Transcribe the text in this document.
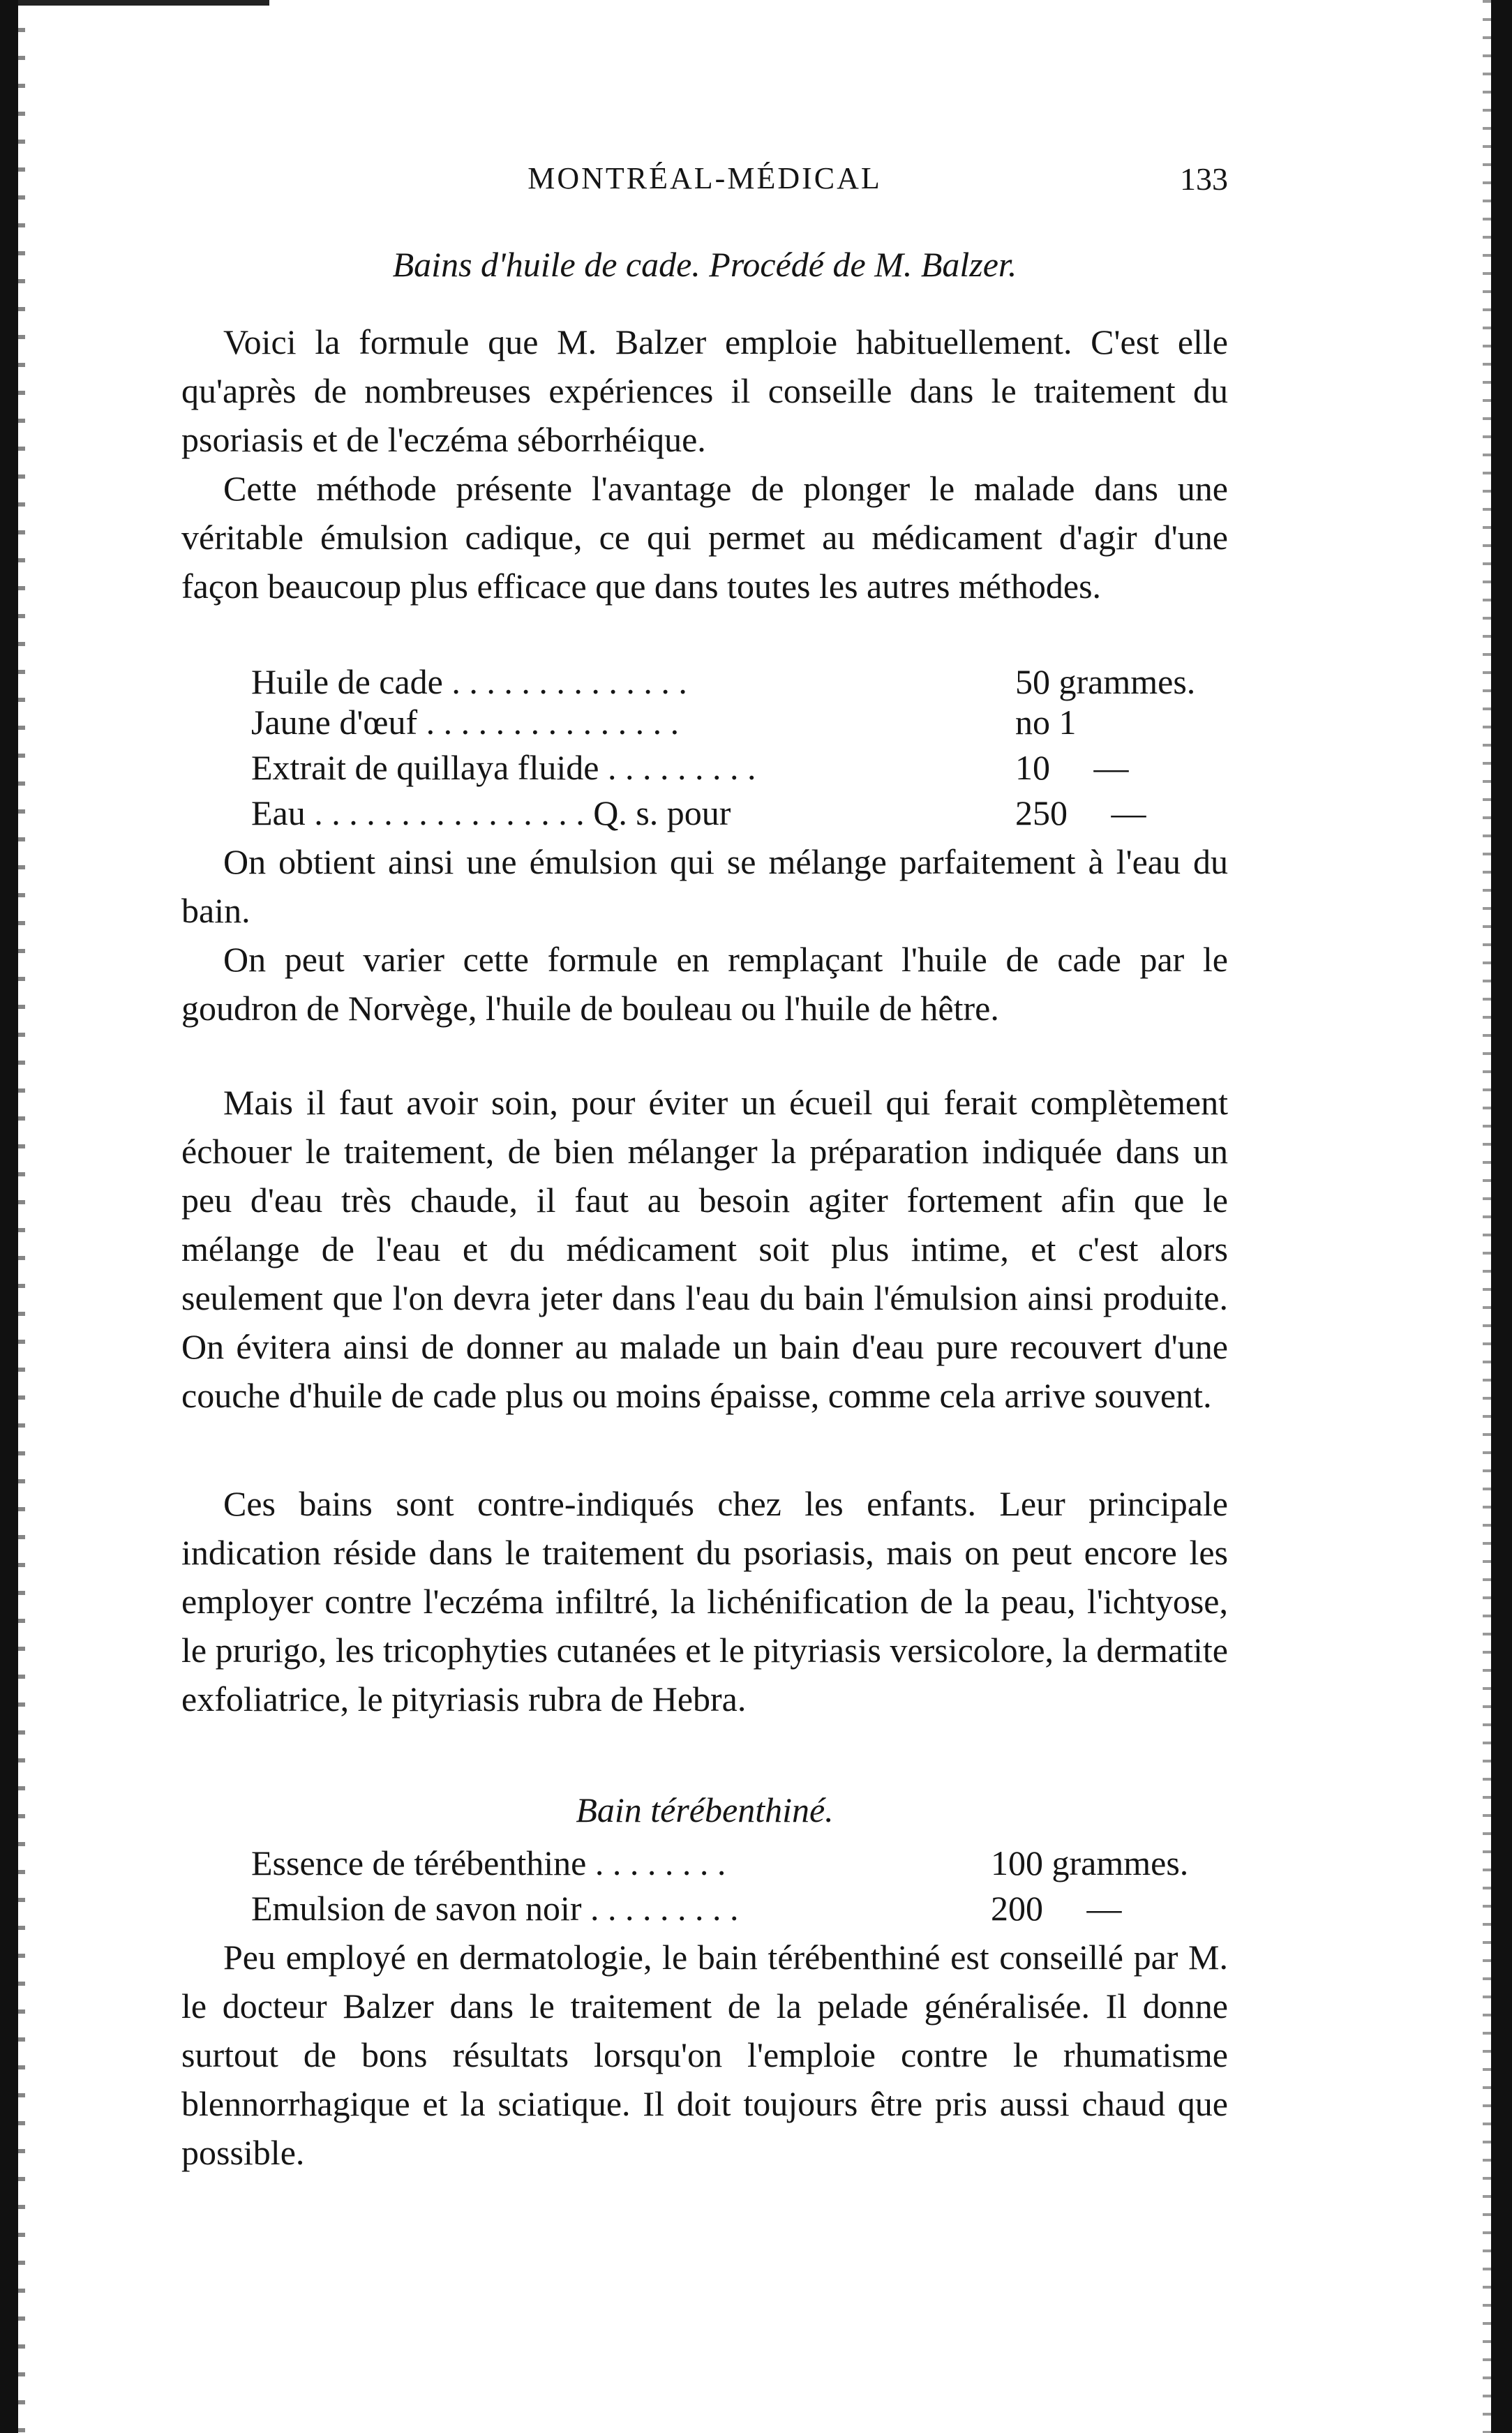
MONTRÉAL-MÉDICAL	133
Bains d'huile de cade. Procédé de M. Balzer.

Voici la formule que M. Balzer emploie habituellement. C'est elle qu'après de nombreuses expériences il conseille dans le traitement du psoriasis et de l'eczéma séborrhéique.

Cette méthode présente l'avantage de plonger le malade dans une véritable émulsion cadique, ce qui permet au médicament d'agir d'une façon beaucoup plus efficace que dans toutes les autres méthodes.

Huile de cade . . . . . . . . . . . . . .	50 grammes.
Jaune d'œuf . . . . . . . . . . . . . . .	no 1
Extrait de quillaya fluide . . . . . . . . .	10     —
Eau . . . . . . . . . . . . . . . . Q. s. pour	250     —

On obtient ainsi une émulsion qui se mélange parfaitement à l'eau du bain.

On peut varier cette formule en remplaçant l'huile de cade par le goudron de Norvège, l'huile de bouleau ou l'huile de hêtre.

Mais il faut avoir soin, pour éviter un écueil qui ferait complètement échouer le traitement, de bien mélanger la préparation indiquée dans un peu d'eau très chaude, il faut au besoin agiter fortement afin que le mélange de l'eau et du médicament soit plus intime, et c'est alors seulement que l'on devra jeter dans l'eau du bain l'émulsion ainsi produite. On évitera ainsi de donner au malade un bain d'eau pure recouvert d'une couche d'huile de cade plus ou moins épaisse, comme cela arrive souvent.

Ces bains sont contre-indiqués chez les enfants. Leur principale indication réside dans le traitement du psoriasis, mais on peut encore les employer contre l'eczéma infiltré, la lichénification de la peau, l'ichtyose, le prurigo, les tricophyties cutanées et le pityriasis versicolore, la dermatite exfoliatrice, le pityriasis rubra de Hebra.

Bain térébenthiné.
Essence de térébenthine . . . . . . . .	100 grammes.
Emulsion de savon noir . . . . . . . . .	200     —

Peu employé en dermatologie, le bain térébenthiné est conseillé par M. le docteur Balzer dans le traitement de la pelade généralisée. Il donne surtout de bons résultats lorsqu'on l'emploie contre le rhumatisme blennorrhagique et la sciatique. Il doit toujours être pris aussi chaud que possible.
